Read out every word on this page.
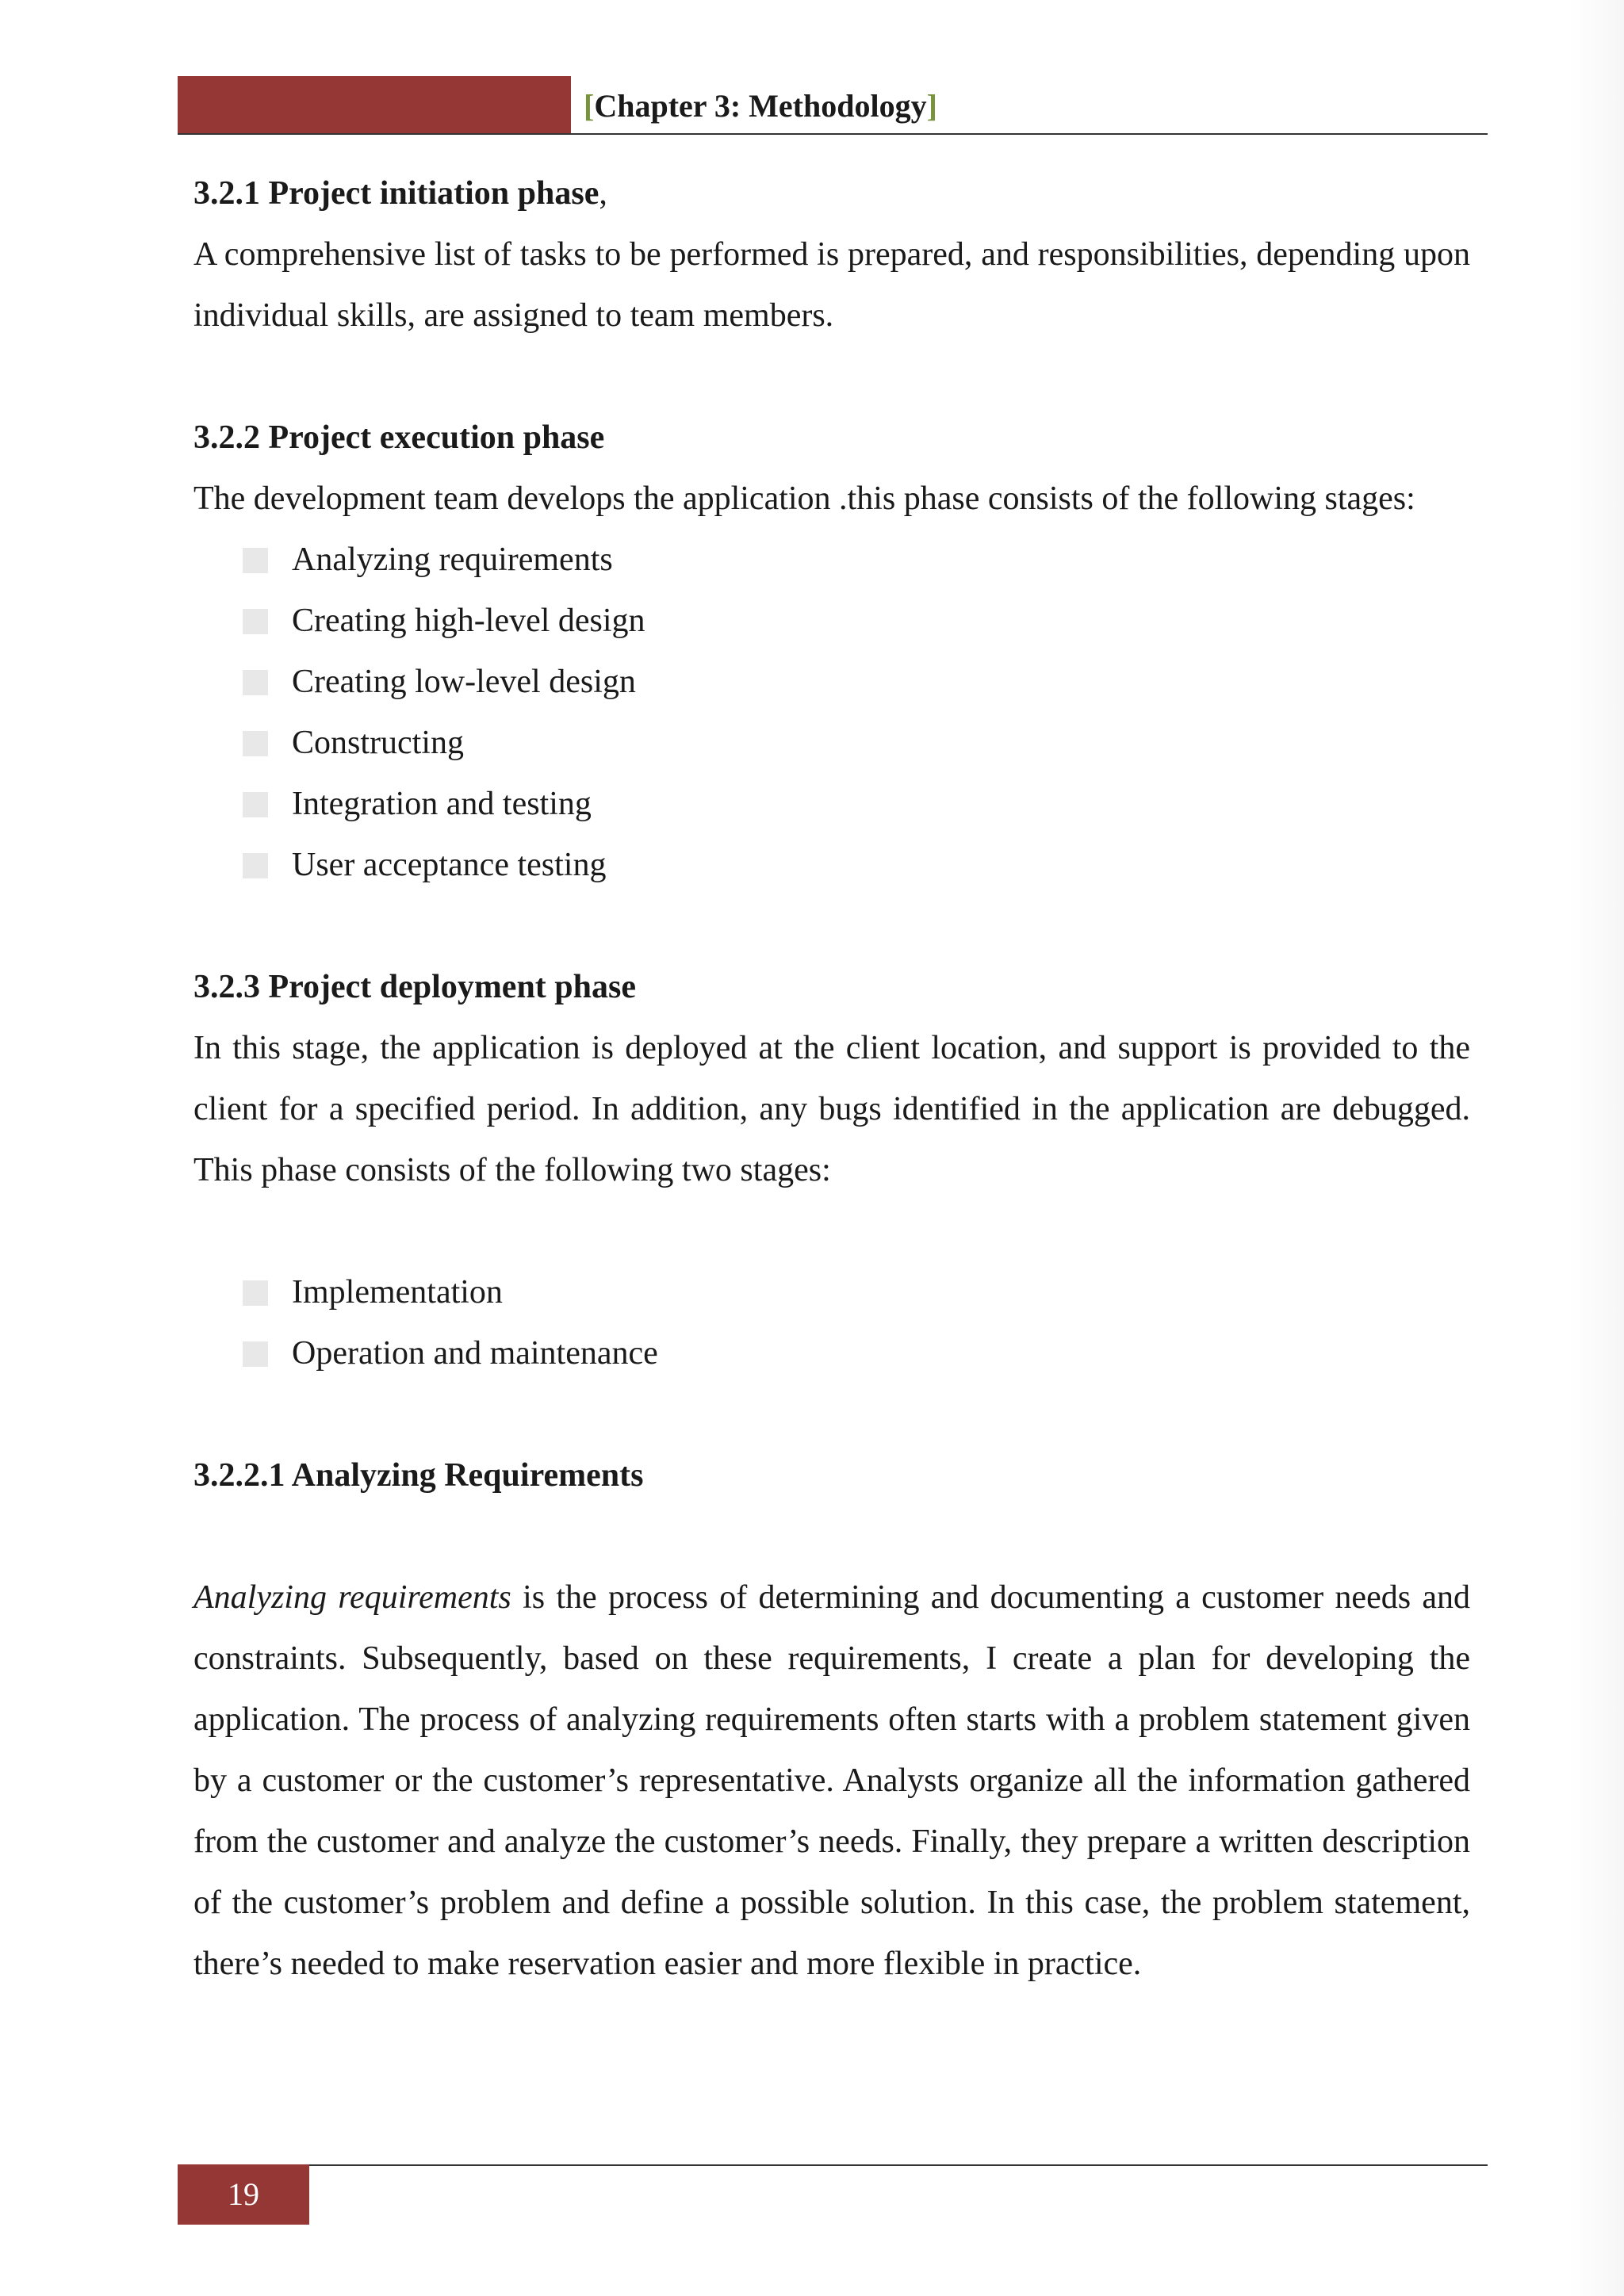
[Chapter 3: Methodology]

3.2.1 Project initiation phase,

A comprehensive list of tasks to be performed is prepared, and responsibilities, depending upon individual skills, are assigned to team members.

3.2.2 Project execution phase

The development team develops the application .this phase consists of the following stages:

Analyzing requirements
Creating high-level design
Creating low-level design
Constructing
Integration and testing
User acceptance testing

3.2.3 Project deployment phase

In this stage, the application is deployed at the client location, and support is provided to the client for a specified period. In addition, any bugs identified in the application are debugged. This phase consists of the following two stages:

Implementation
Operation and maintenance

3.2.2.1 Analyzing Requirements

Analyzing requirements is the process of determining and documenting a customer needs and constraints. Subsequently, based on these requirements, I create a plan for developing the application. The process of analyzing requirements often starts with a problem statement given by a customer or the customer’s representative. Analysts organize all the information gathered from the customer and analyze the customer’s needs. Finally, they prepare a written description of the customer’s problem and define a possible solution. In this case, the problem statement, there’s needed to make reservation easier and more flexible in practice.

19
